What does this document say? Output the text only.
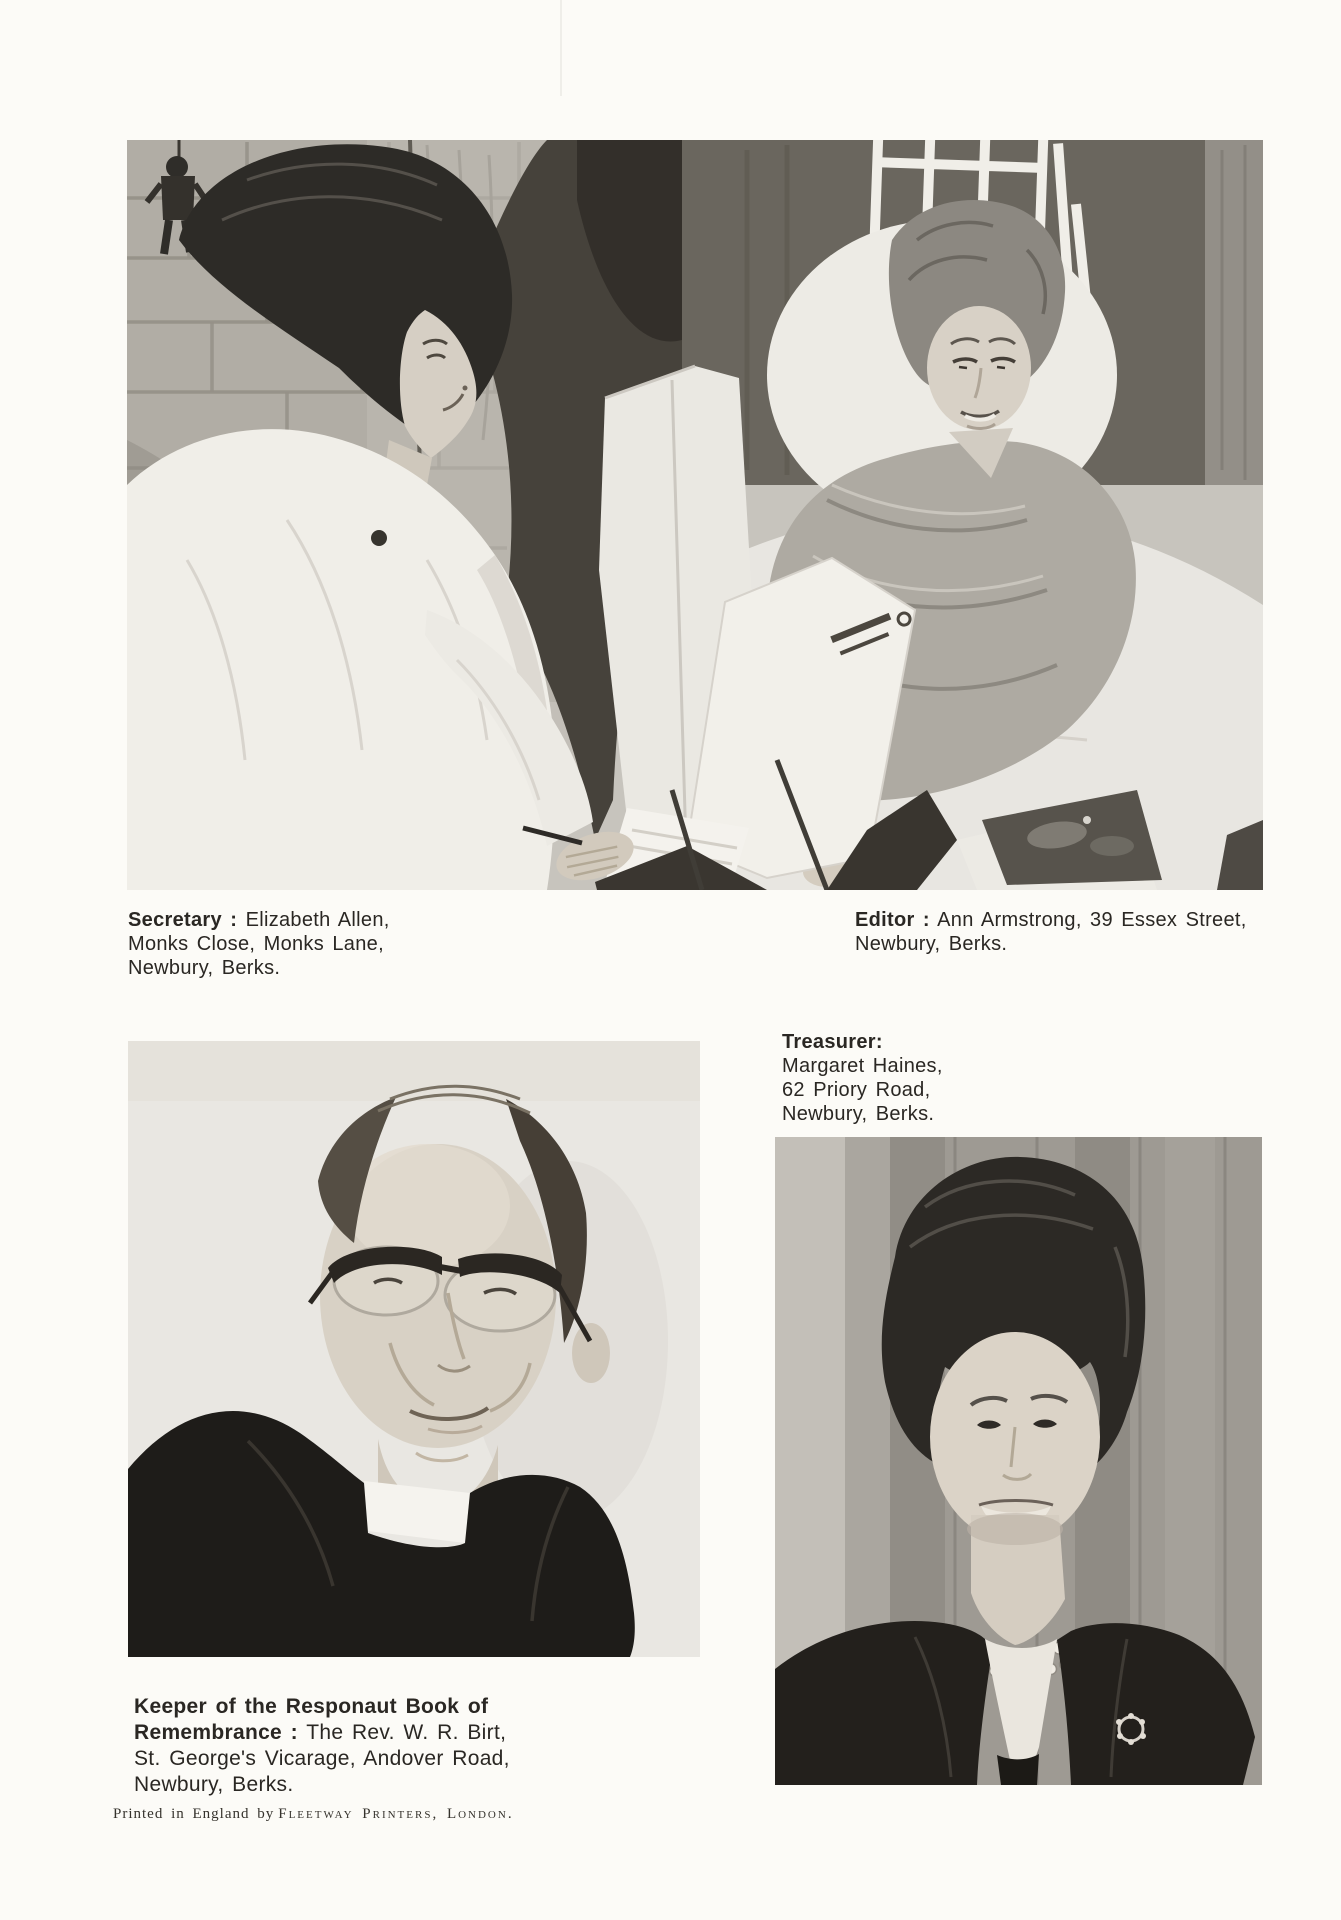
Secretary : Elizabeth Allen,
Monks Close, Monks Lane,
Newbury, Berks.
Editor : Ann Armstrong, 39 Essex Street,
Newbury, Berks.
Treasurer:
Margaret Haines,
62 Priory Road,
Newbury, Berks.
Keeper of the Responaut Book of
Remembrance : The Rev. W. R. Birt,
St. George's Vicarage, Andover Road,
Newbury, Berks.
Printed in England by Fleetway Printers, London.
